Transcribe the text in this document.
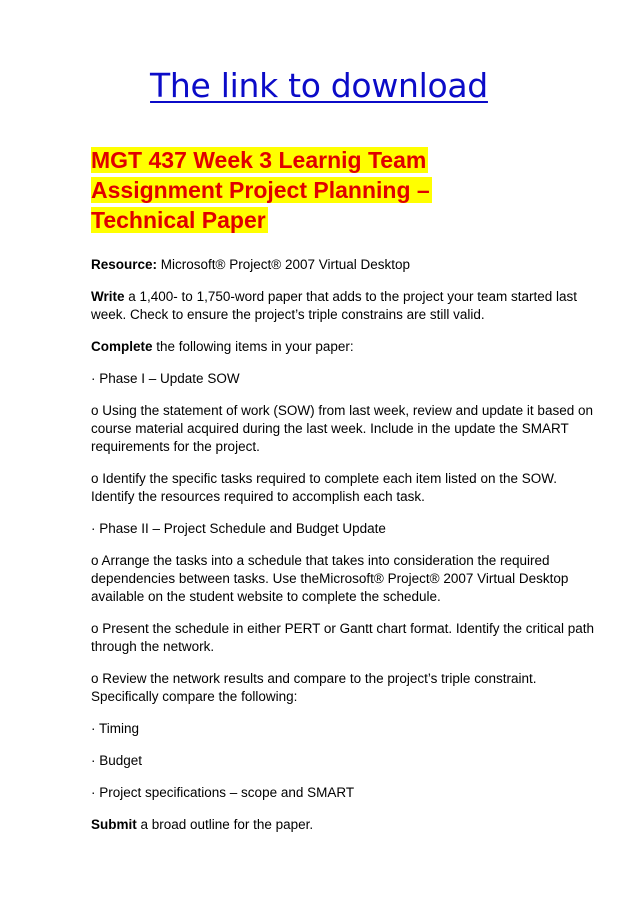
The link to download
MGT 437 Week 3 Learnig Team
Assignment Project Planning –
Technical Paper

Resource: Microsoft® Project® 2007 Virtual Desktop

Write a 1,400- to 1,750-word paper that adds to the project your team started last week. Check to ensure the project’s triple constrains are still valid.

Complete the following items in your paper:

· Phase I – Update SOW

o Using the statement of work (SOW) from last week, review and update it based on course material acquired during the last week. Include in the update the SMART requirements for the project.

o Identify the specific tasks required to complete each item listed on the SOW. Identify the resources required to accomplish each task.

· Phase II – Project Schedule and Budget Update

o Arrange the tasks into a schedule that takes into consideration the required dependencies between tasks. Use theMicrosoft® Project® 2007 Virtual Desktop available on the student website to complete the schedule.

o Present the schedule in either PERT or Gantt chart format. Identify the critical path through the network.

o Review the network results and compare to the project’s triple constraint. Specifically compare the following:

· Timing

· Budget

· Project specifications – scope and SMART

Submit a broad outline for the paper.
